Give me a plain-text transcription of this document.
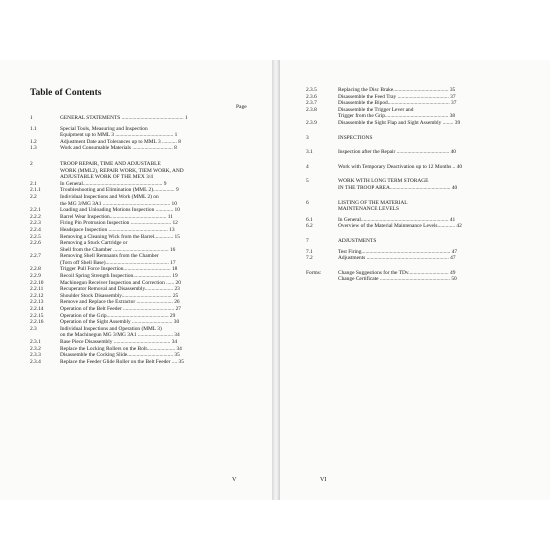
Table of Contents
Page
1	GENERAL STATEMENTS .............................................. 1
1.1	Special Tools, Measuring and Inspection
Equipment up to MML 3 ........................................... 1
1.2	Adjustment Date and Tolerances up to MML 3 ........... 8
1.3	Work and Consumable Materials .............................. 8
2	TROOP REPAIR, TIME AND ADJUSTABLE
WORK (MML2), REPAIR WORK, TIEM WORK, AND
ADJUSTABLE WORK OF THE MEX 3/4
2.1	In General........................................................... 9
2.1.1	Troubleshooting and Elimination (MML 2)................ 9
2.2	Individual Inspections and Work (MML 2) on
the MG 3/MG 3A1 .................................................. 10
2.2.1	Loading and Unloading Motions Inspection ............. 10
2.2.2	Barrel Wear Inspection.......................................... 11
2.2.3	Firing Pin Protrusion Inspection .............................. 12
2.2.4	Headspace Inspection ............................................ 13
2.2.5	Removing a Cleaning Wick from the Barrel.............. 15
2.2.6	Removing a Stuck Cartridge or
Shell from the Chamber ......................................... 16
2.2.7	Removing Shell Remnants from the Chamber
(Torn off Shell Base)............................................... 17
2.2.8	Trigger Pull Force Inspection................................... 18
2.2.9	Recoil Spring Strength Inspection............................ 19
2.2.10	Machinegun Receiver Inspection and Correction ...... 20
2.2.11	Recuperator Removal and Disassembly..................... 23
2.2.12	Shoulder Stock Disassembly..................................... 25
2.2.13	Remove and Replace the Extractor ........................... 26
2.2.14	Operation of the Belt Feeder ...................................... 27
2.2.15	Operation of the Grip.............................................. 29
2.2.16	Operation of the Sight Assembly .............................. 30
2.3	Individual Inspections and Operation (MML 3)
on the Machinegun MG 3/MG 3A1 .......................... 34
2.3.1	Base Piece Disassembly .......................................... 34
2.3.2	Replace the Locking Rollers on the Bolt..................... 34
2.3.3	Disassemble the Cocking Slide.................................. 35
2.3.4	Replace the Feeder Glide Roller on the Belt Feeder .... 35
V
2.3.5	Replacing the Disc Brake......................................... 35
2.3.6	Disassemble the Feed Tray ...................................... 37
2.3.7	Disassemble the Bipod.............................................. 37
2.3.8	Disassemble the Trigger Lever and
Trigger from the Grip............................................... 38
2.3.9	Disassemble the Sight Flap and Sight Assembly ........ 39
3	INSPECTIONS
3.1	Inspection after the Repair ....................................... 40
4	Work with Temporary Deactivation up to 12 Months .. 40
5	WORK WITH LONG TERM STORAGE
IN THE TROOP AREA............................................. 40
6	LISTING OF THE MATERIAL
MAINTENANCE LEVELS
6.1	In General................................................................. 41
6.2	Overview of the Material Maintenance Levels............. 42
7	ADJUSTMENTS
7.1	Test Firing.................................................................. 47
7.2	Adjustments ............................................................. 47
Forms:	Change Suggestions for the TDv.............................. 49
Change Certificate .................................................... 50
VI
